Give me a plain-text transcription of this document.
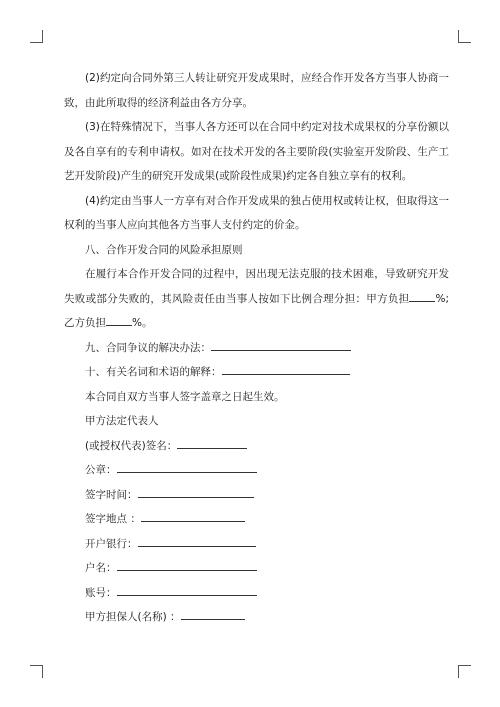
(2)约定向合同外第三人转让研究开发成果时，应经合作开发各方当事人协商一致，由此所取得的经济利益由各方分享。

(3)在特殊情况下，当事人各方还可以在合同中约定对技术成果权的分享份额以及各自享有的专利申请权。如对在技术开发的各主要阶段(实验室开发阶段、生产工艺开发阶段)产生的研究开发成果(或阶段性成果)约定各自独立享有的权利。

(4)约定由当事人一方享有对合作开发成果的独占使用权或转让权，但取得这一权利的当事人应向其他各方当事人支付约定的价金。

八、合作开发合同的风险承担原则

在履行本合作开发合同的过程中，因出现无法克服的技术困难，导致研究开发失败或部分失败的，其风险责任由当事人按如下比例合理分担：甲方负担 %;乙方负担 %。

九、合同争议的解决办法：

十、有关名词和术语的解释：

本合同自双方当事人签字盖章之日起生效。

甲方法定代表人

(或授权代表)签名：

公章：

签字时间：

签字地点 ：

开户银行：

户名：

账号：

甲方担保人(名称) ：
